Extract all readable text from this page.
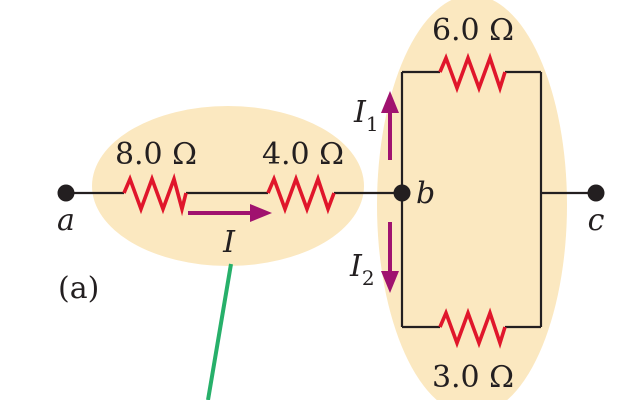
8.0 Ω 4.0 Ω
6.0 Ω
3.0 Ω
a
b
c
I
$I_1$
$I_2$
(a)
